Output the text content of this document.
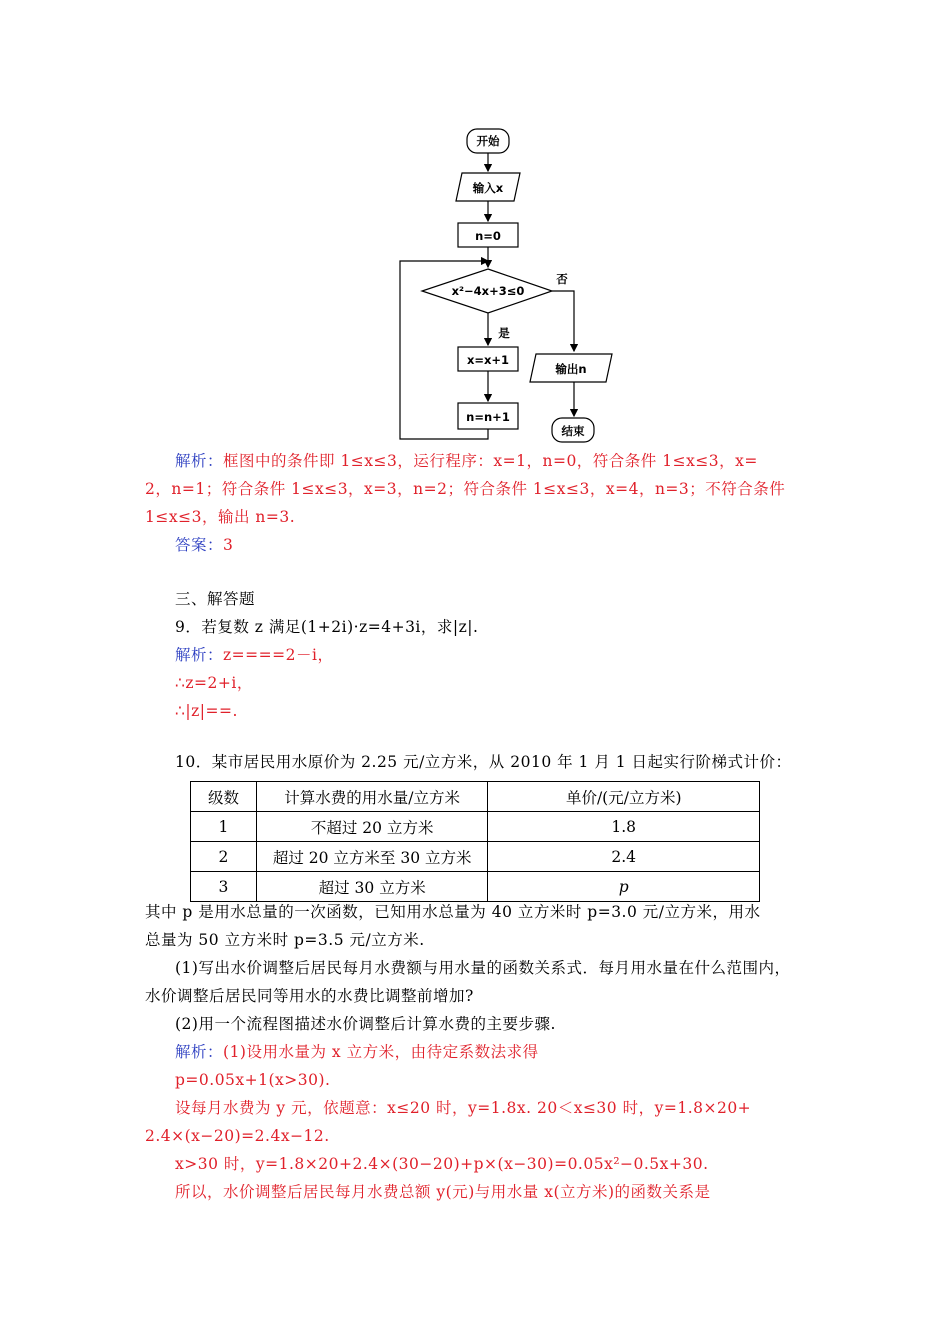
开始
输入x
n=0
x²−4x+3≤0
否
是
x=x+1
n=n+1
输出n
结束
解析：框图中的条件即 1≤x≤3，运行程序：x=1，n=0，符合条件 1≤x≤3，x=
2，n=1；符合条件 1≤x≤3，x=3，n=2；符合条件 1≤x≤3，x=4，n=3；不符合条件
1≤x≤3，输出 n=3.
答案：3
三、解答题
9．若复数 z 满足(1+2i)·z=4+3i，求|z|.
解析：z====2－i，
∴z=2+i，
∴|z|==.
10．某市居民用水原价为 2.25 元/立方米，从 2010 年 1 月 1 日起实行阶梯式计价：
级数	计算水费的用水量/立方米	单价/(元/立方米)
1	不超过 20 立方米	1.8
2	超过 20 立方米至 30 立方米	2.4
3	超过 30 立方米	p
其中 p 是用水总量的一次函数，已知用水总量为 40 立方米时 p=3.0 元/立方米，用水
总量为 50 立方米时 p=3.5 元/立方米.
(1)写出水价调整后居民每月水费额与用水量的函数关系式．每月用水量在什么范围内，
水价调整后居民同等用水的水费比调整前增加?
(2)用一个流程图描述水价调整后计算水费的主要步骤.
解析：(1)设用水量为 x 立方米，由待定系数法求得
p=0.05x+1(x>30).
设每月水费为 y 元，依题意：x≤20 时，y=1.8x. 20＜x≤30 时，y=1.8×20+
2.4×(x−20)=2.4x−12.
x>30 时，y=1.8×20+2.4×(30−20)+p×(x−30)=0.05x²−0.5x+30.
所以，水价调整后居民每月水费总额 y(元)与用水量 x(立方米)的函数关系是
